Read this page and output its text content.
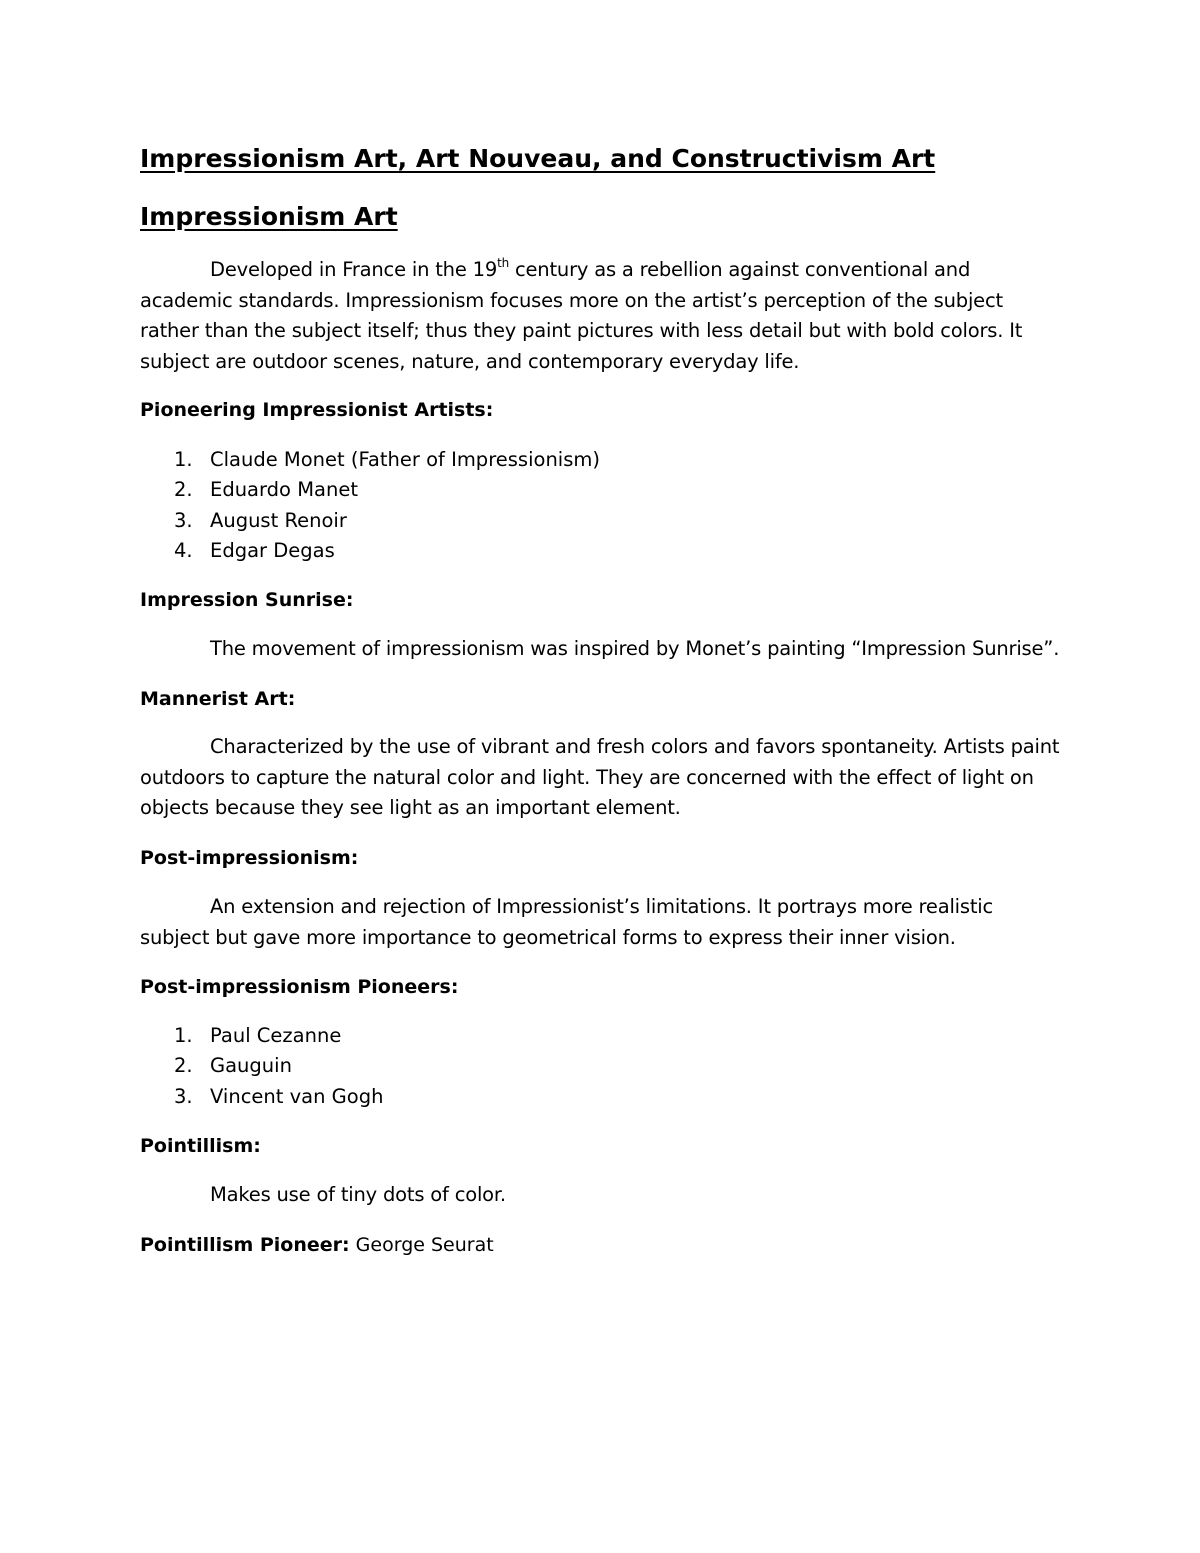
Impressionism Art, Art Nouveau, and Constructivism Art
Impressionism Art

Developed in France in the 19th century as a rebellion against conventional and academic standards. Impressionism focuses more on the artist’s perception of the subject rather than the subject itself; thus they paint pictures with less detail but with bold colors. It subject are outdoor scenes, nature, and contemporary everyday life.

Pioneering Impressionist Artists:

1. Claude Monet (Father of Impressionism)
2. Eduardo Manet
3. August Renoir
4. Edgar Degas

Impression Sunrise:

The movement of impressionism was inspired by Monet’s painting “Impression Sunrise”.

Mannerist Art:

Characterized by the use of vibrant and fresh colors and favors spontaneity. Artists paint outdoors to capture the natural color and light. They are concerned with the effect of light on objects because they see light as an important element.

Post-impressionism:

An extension and rejection of Impressionist’s limitations. It portrays more realistic subject but gave more importance to geometrical forms to express their inner vision.

Post-impressionism Pioneers:

1. Paul Cezanne
2. Gauguin
3. Vincent van Gogh

Pointillism:

Makes use of tiny dots of color.

Pointillism Pioneer: George Seurat
